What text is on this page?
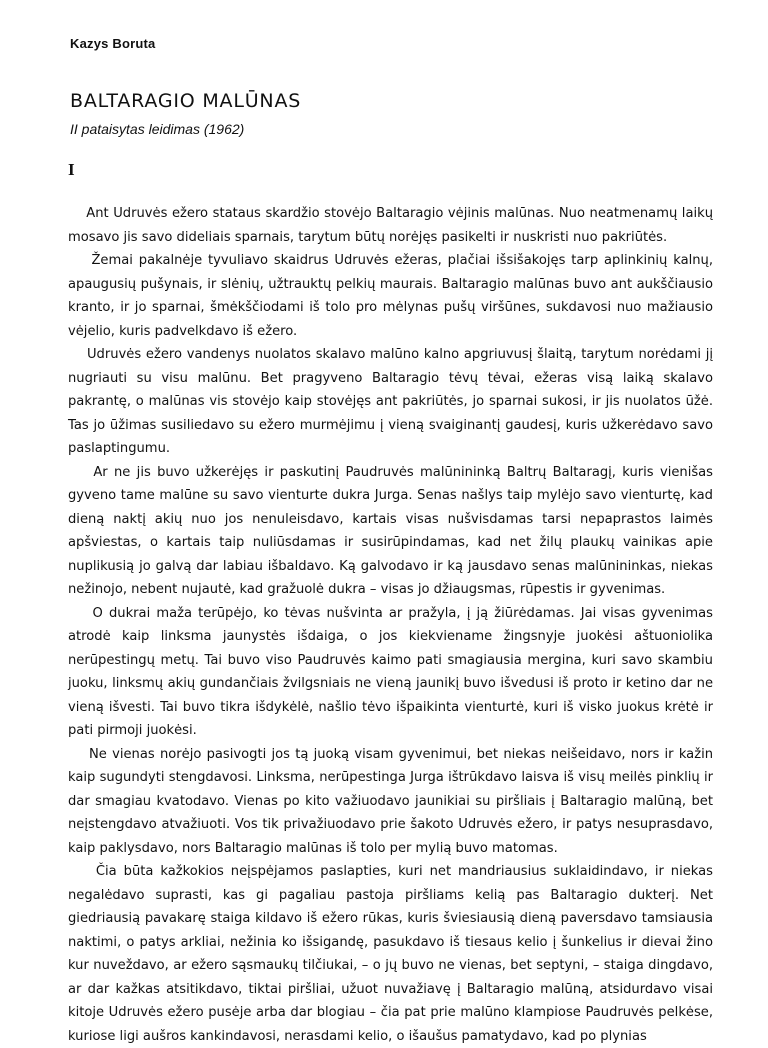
Kazys Boruta
BALTARAGIO MALŪNAS
II pataisytas leidimas (1962)
I

Ant Udruvės ežero stataus skardžio stovėjo Baltaragio vėjinis malūnas. Nuo neatmenamų laikų mosavo jis savo dideliais sparnais, tarytum būtų norėjęs pasikelti ir nuskristi nuo pakriūtės.

Žemai pakalnėje tyvuliavo skaidrus Udruvės ežeras, plačiai išsišakojęs tarp aplinkinių kalnų, apaugusių pušynais, ir slėnių, užtrauktų pelkių maurais. Baltaragio malūnas buvo ant aukščiausio kranto, ir jo sparnai, šmėkščiodami iš tolo pro mėlynas pušų viršūnes, sukdavosi nuo mažiausio vėjelio, kuris padvelkdavo iš ežero.

Udruvės ežero vandenys nuolatos skalavo malūno kalno apgriuvusį šlaitą, tarytum norėdami jį nugriauti su visu malūnu. Bet pragyveno Baltaragio tėvų tėvai, ežeras visą laiką skalavo pakrantę, o malūnas vis stovėjo kaip stovėjęs ant pakriūtės, jo sparnai sukosi, ir jis nuolatos ūžė. Tas jo ūžimas susiliedavo su ežero murmėjimu į vieną svaiginantį gaudesį, kuris užkerėdavo savo paslaptingumu.

Ar ne jis buvo užkerėjęs ir paskutinį Paudruvės malūnininką Baltrų Baltaragį, kuris vienišas gyveno tame malūne su savo vienturte dukra Jurga. Senas našlys taip mylėjo savo vienturtę, kad dieną naktį akių nuo jos nenuleisdavo, kartais visas nušvisdamas tarsi nepaprastos laimės apšviestas, o kartais taip nuliūsdamas ir susirūpindamas, kad net žilų plaukų vainikas apie nuplikusią jo galvą dar labiau išbaldavo. Ką galvodavo ir ką jausdavo senas malūnininkas, niekas nežinojo, nebent nujautė, kad gražuolė dukra – visas jo džiaugsmas, rūpestis ir gyvenimas.

O dukrai maža terūpėjo, ko tėvas nušvinta ar pražyla, į ją žiūrėdamas. Jai visas gyvenimas atrodė kaip linksma jaunystės išdaiga, o jos kiekviename žingsnyje juokėsi aštuoniolika nerūpestingų metų. Tai buvo viso Paudruvės kaimo pati smagiausia mergina, kuri savo skambiu juoku, linksmų akių gundančiais žvilgsniais ne vieną jaunikį buvo išvedusi iš proto ir ketino dar ne vieną išvesti. Tai buvo tikra išdykėlė, našlio tėvo išpaikinta vienturtė, kuri iš visko juokus krėtė ir pati pirmoji juokėsi.

Ne vienas norėjo pasivogti jos tą juoką visam gyvenimui, bet niekas neišeidavo, nors ir kažin kaip sugundyti stengdavosi. Linksma, nerūpestinga Jurga ištrūkdavo laisva iš visų meilės pinklių ir dar smagiau kvatodavo. Vienas po kito važiuodavo jaunikiai su piršliais į Baltaragio malūną, bet neįstengdavo atvažiuoti. Vos tik privažiuodavo prie šakoto Udruvės ežero, ir patys nesuprasdavo, kaip paklysdavo, nors Baltaragio malūnas iš tolo per mylią buvo matomas.

Čia būta kažkokios neįspėjamos paslapties, kuri net mandriausius suklaidindavo, ir niekas negalėdavo suprasti, kas gi pagaliau pastoja piršliams kelią pas Baltaragio dukterį. Net giedriausią pavakarę staiga kildavo iš ežero rūkas, kuris šviesiausią dieną paversdavo tamsiausia naktimi, o patys arkliai, nežinia ko išsigandę, pasukdavo iš tiesaus kelio į šunkelius ir dievai žino kur nuveždavo, ar ežero sąsmaukų tilčiukai, – o jų buvo ne vienas, bet septyni, – staiga dingdavo, ar dar kažkas atsitikdavo, tiktai piršliai, užuot nuvažiavę į Baltaragio malūną, atsidurdavo visai kitoje Udruvės ežero pusėje arba dar blogiau – čia pat prie malūno klampiose Paudruvės pelkėse, kuriose ligi aušros kankindavosi, nerasdami kelio, o išaušus pamatydavo, kad po plynias
